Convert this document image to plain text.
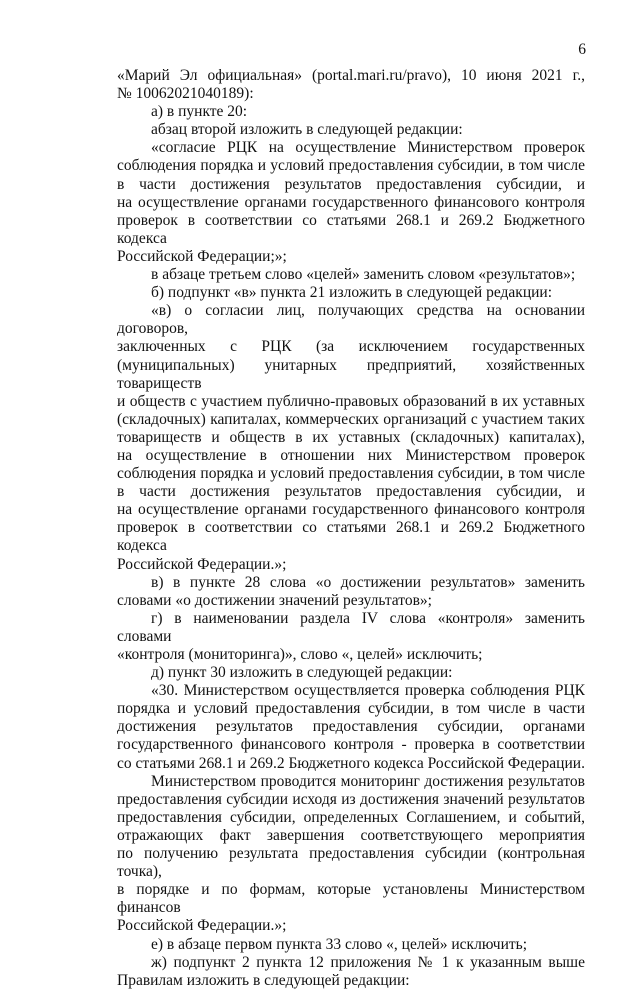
6
«Марий Эл официальная» (portal.mari.ru/pravo), 10 июня 2021 г.,
№ 10062021040189):
а) в пункте 20:
абзац второй изложить в следующей редакции:
«согласие РЦК на осуществление Министерством проверок
соблюдения порядка и условий предоставления субсидии, в том числе
в части достижения результатов предоставления субсидии, и
на осуществление органами государственного финансового контроля
проверок в соответствии со статьями 268.1 и 269.2 Бюджетного кодекса
Российской Федерации;»;
в абзаце третьем слово «целей» заменить словом «результатов»;
б) подпункт «в» пункта 21 изложить в следующей редакции:
«в) о согласии лиц, получающих средства на основании договоров,
заключенных с РЦК (за исключением государственных
(муниципальных) унитарных предприятий, хозяйственных товариществ
и обществ с участием публично-правовых образований в их уставных
(складочных) капиталах, коммерческих организаций с участием таких
товариществ и обществ в их уставных (складочных) капиталах),
на осуществление в отношении них Министерством проверок
соблюдения порядка и условий предоставления субсидии, в том числе
в части достижения результатов предоставления субсидии, и
на осуществление органами государственного финансового контроля
проверок в соответствии со статьями 268.1 и 269.2 Бюджетного кодекса
Российской Федерации.»;
в) в пункте 28 слова «о достижении результатов» заменить
словами «о достижении значений результатов»;
г) в наименовании раздела IV слова «контроля» заменить словами
«контроля (мониторинга)», слово «, целей» исключить;
д) пункт 30 изложить в следующей редакции:
«30. Министерством осуществляется проверка соблюдения РЦК
порядка и условий предоставления субсидии, в том числе в части
достижения результатов предоставления субсидии, органами
государственного финансового контроля - проверка в соответствии
со статьями 268.1 и 269.2 Бюджетного кодекса Российской Федерации.
Министерством проводится мониторинг достижения результатов
предоставления субсидии исходя из достижения значений результатов
предоставления субсидии, определенных Соглашением, и событий,
отражающих факт завершения соответствующего мероприятия
по получению результата предоставления субсидии (контрольная точка),
в порядке и по формам, которые установлены Министерством финансов
Российской Федерации.»;
е) в абзаце первом пункта 33 слово «, целей» исключить;
ж) подпункт 2 пункта 12 приложения № 1 к указанным выше
Правилам изложить в следующей редакции:
